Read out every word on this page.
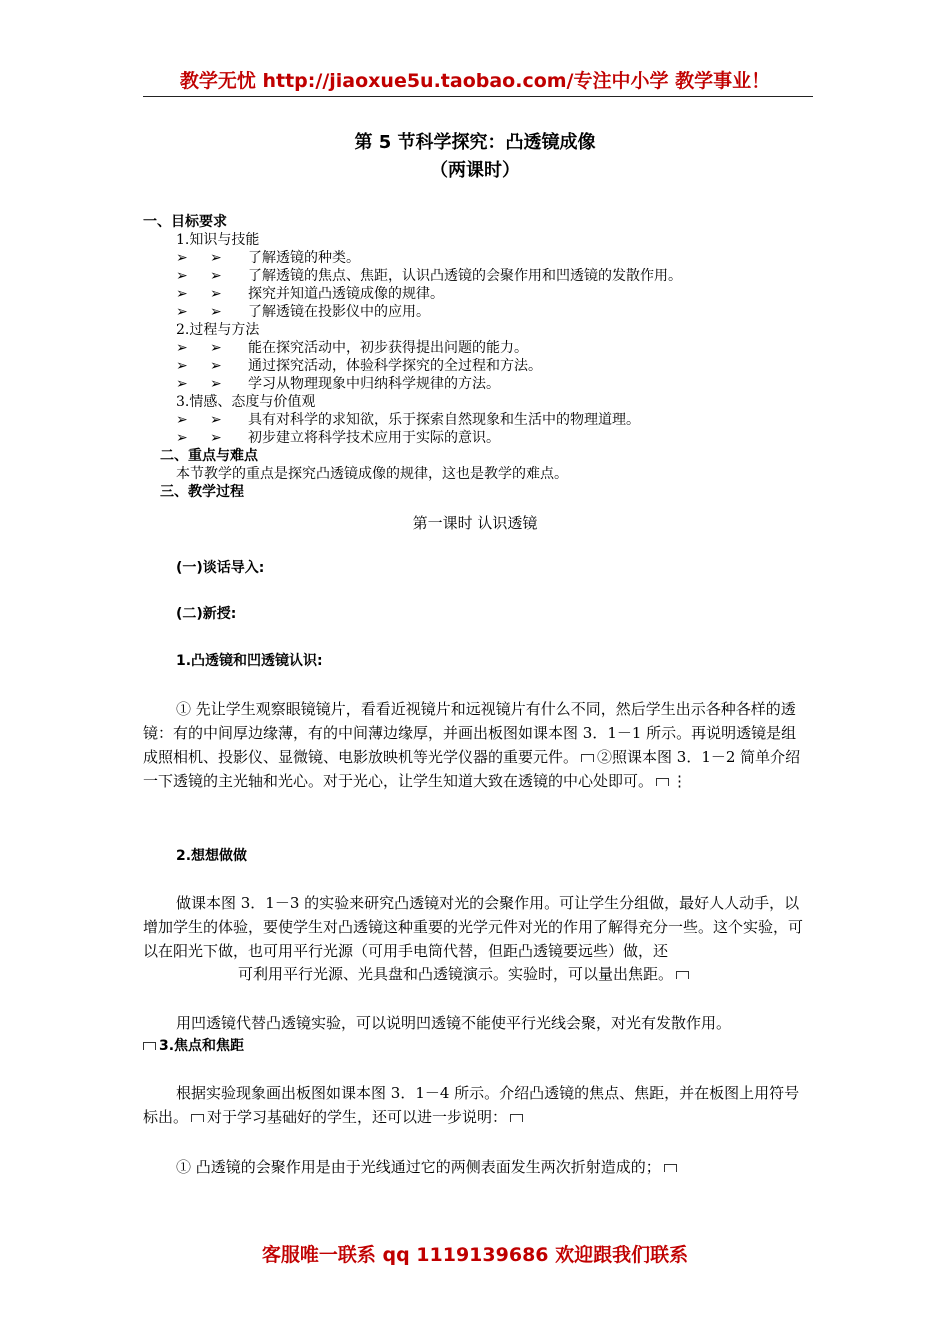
教学无忧 http://jiaoxue5u.taobao.com/专注中小学 教学事业！
第 5 节科学探究：凸透镜成像
（两课时）
一、目标要求
1.知识与技能
➢ ➢ 了解透镜的种类。
➢ ➢ 了解透镜的焦点、焦距，认识凸透镜的会聚作用和凹透镜的发散作用。
➢ ➢ 探究并知道凸透镜成像的规律。
➢ ➢ 了解透镜在投影仪中的应用。
2.过程与方法
➢ ➢ 能在探究活动中，初步获得提出问题的能力。
➢ ➢ 通过探究活动，体验科学探究的全过程和方法。
➢ ➢ 学习从物理现象中归纳科学规律的方法。
3.情感、态度与价值观
➢ ➢ 具有对科学的求知欲，乐于探索自然现象和生活中的物理道理。
➢ ➢ 初步建立将科学技术应用于实际的意识。
二、重点与难点
本节教学的重点是探究凸透镜成像的规律，这也是教学的难点。
三、教学过程
第一课时 认识透镜
(一)谈话导入:
(二)新授:
1.凸透镜和凹透镜认识:
① 先让学生观察眼镜镜片，看看近视镜片和远视镜片有什么不同，然后学生出示各种各样的透镜：有的中间厚边缘薄，有的中间薄边缘厚，并画出板图如课本图 3．1－1 所示。再说明透镜是组成照相机、投影仪、显微镜、电影放映机等光学仪器的重要元件。 ②照课本图 3．1－2 简单介绍一下透镜的主光轴和光心。对于光心，让学生知道大致在透镜的中心处即可。 ⋮
2.想想做做
做课本图 3．1－3 的实验来研究凸透镜对光的会聚作用。可让学生分组做，最好人人动手，以增加学生的体验，要使学生对凸透镜这种重要的光学元件对光的作用了解得充分一些。这个实验，可以在阳光下做，也可用平行光源（可用手电筒代替，但距凸透镜要远些）做，还
可利用平行光源、光具盘和凸透镜演示。实验时，可以量出焦距。
用凹透镜代替凸透镜实验，可以说明凹透镜不能使平行光线会聚，对光有发散作用。
3.焦点和焦距
根据实验现象画出板图如课本图 3．1－4 所示。介绍凸透镜的焦点、焦距，并在板图上用符号标出。 对于学习基础好的学生，还可以进一步说明：
① 凸透镜的会聚作用是由于光线通过它的两侧表面发生两次折射造成的；
客服唯一联系 qq 1119139686 欢迎跟我们联系
